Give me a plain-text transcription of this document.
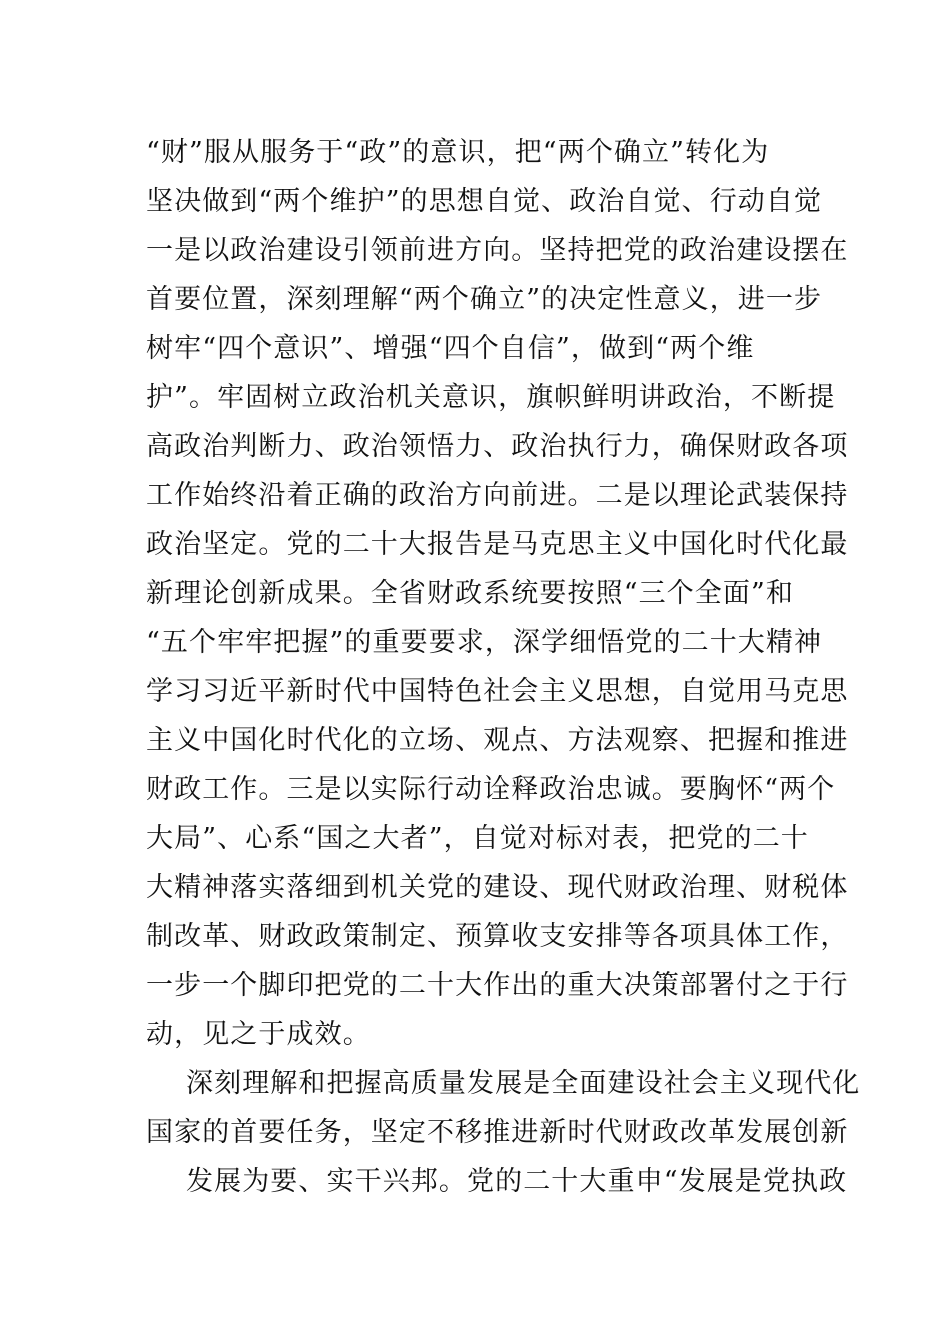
“财”服从服务于“政”的意识，把“两个确立”转化为
坚决做到“两个维护”的思想自觉、政治自觉、行动自觉
一是以政治建设引领前进方向。坚持把党的政治建设摆在
首要位置，深刻理解“两个确立”的决定性意义，进一步
树牢“四个意识”、增强“四个自信”，做到“两个维
护”。牢固树立政治机关意识，旗帜鲜明讲政治，不断提
高政治判断力、政治领悟力、政治执行力，确保财政各项
工作始终沿着正确的政治方向前进。二是以理论武装保持
政治坚定。党的二十大报告是马克思主义中国化时代化最
新理论创新成果。全省财政系统要按照“三个全面”和
“五个牢牢把握”的重要要求，深学细悟党的二十大精神
学习习近平新时代中国特色社会主义思想，自觉用马克思
主义中国化时代化的立场、观点、方法观察、把握和推进
财政工作。三是以实际行动诠释政治忠诚。要胸怀“两个
大局”、心系“国之大者”，自觉对标对表，把党的二十
大精神落实落细到机关党的建设、现代财政治理、财税体
制改革、财政政策制定、预算收支安排等各项具体工作，
一步一个脚印把党的二十大作出的重大决策部署付之于行
动，见之于成效。
深刻理解和把握高质量发展是全面建设社会主义现代化
国家的首要任务，坚定不移推进新时代财政改革发展创新
发展为要、实干兴邦。党的二十大重申“发展是党执政
